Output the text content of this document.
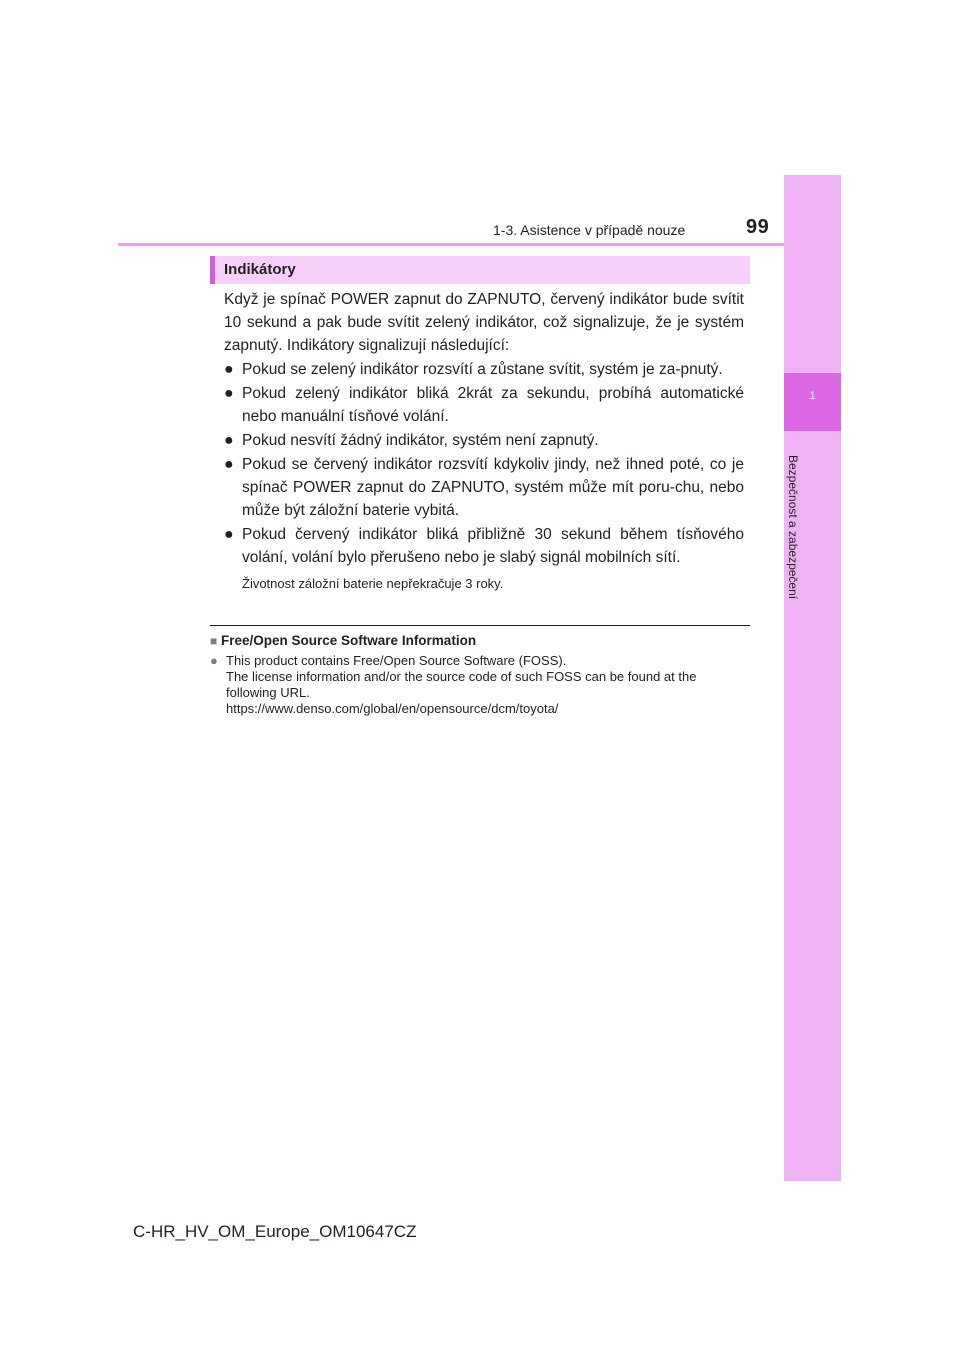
1-3. Asistence v případě nouze	99
1
Bezpečnost a zabezpečení
Indikátory

Když je spínač POWER zapnut do ZAPNUTO, červený indikátor bude svítit 10 sekund a pak bude svítit zelený indikátor, což signalizuje, že je systém zapnutý. Indikátory signalizují následující:

● Pokud se zelený indikátor rozsvítí a zůstane svítit, systém je za-pnutý.
● Pokud zelený indikátor bliká 2krát za sekundu, probíhá automatické nebo manuální tísňové volání.
● Pokud nesvítí žádný indikátor, systém není zapnutý.
● Pokud se červený indikátor rozsvítí kdykoliv jindy, než ihned poté, co je spínač POWER zapnut do ZAPNUTO, systém může mít poru-chu, nebo může být záložní baterie vybitá.
● Pokud červený indikátor bliká přibližně 30 sekund během tísňového volání, volání bylo přerušeno nebo je slabý signál mobilních sítí.
Životnost záložní baterie nepřekračuje 3 roky.
■ Free/Open Source Software Information
● This product contains Free/Open Source Software (FOSS).
The license information and/or the source code of such FOSS can be found at the following URL.
https://www.denso.com/global/en/opensource/dcm/toyota/
C-HR_HV_OM_Europe_OM10647CZ
